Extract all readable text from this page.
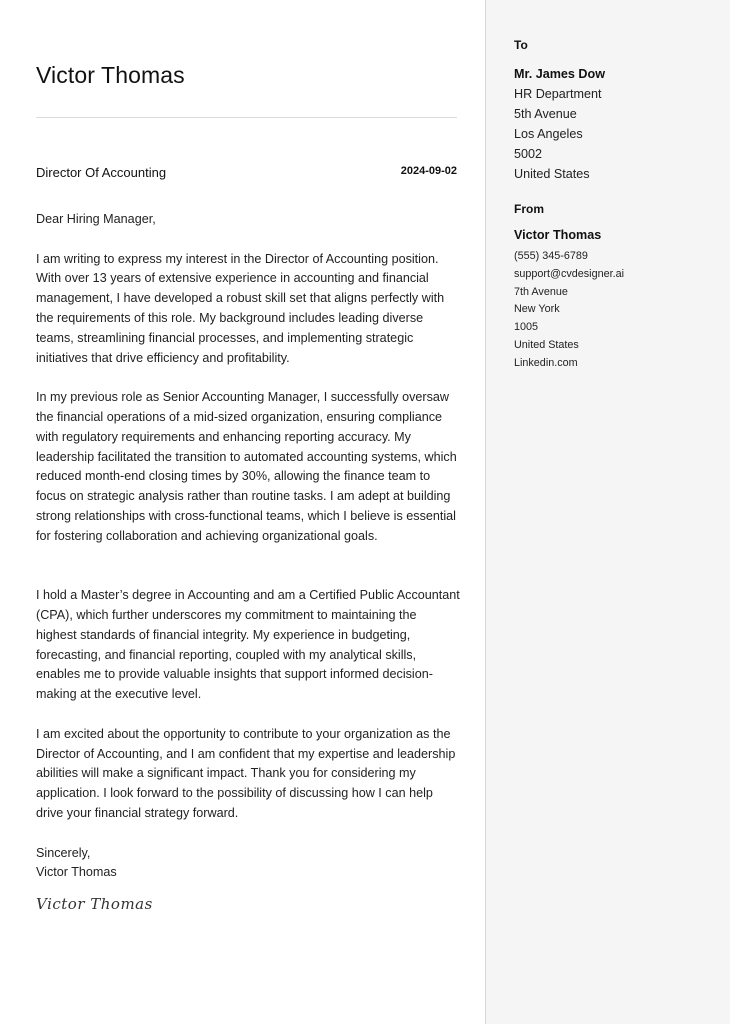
Victor Thomas
Director Of Accounting	2024-09-02

Dear Hiring Manager,

I am writing to express my interest in the Director of Accounting position. With over 13 years of extensive experience in accounting and financial management, I have developed a robust skill set that aligns perfectly with the requirements of this role. My background includes leading diverse teams, streamlining financial processes, and implementing strategic initiatives that drive efficiency and profitability.

In my previous role as Senior Accounting Manager, I successfully oversaw the financial operations of a mid-sized organization, ensuring compliance with regulatory requirements and enhancing reporting accuracy. My leadership facilitated the transition to automated accounting systems, which reduced month-end closing times by 30%, allowing the finance team to focus on strategic analysis rather than routine tasks. I am adept at building strong relationships with cross-functional teams, which I believe is essential for fostering collaboration and achieving organizational goals.

I hold a Master’s degree in Accounting and am a Certified Public Accountant (CPA), which further underscores my commitment to maintaining the highest standards of financial integrity. My experience in budgeting, forecasting, and financial reporting, coupled with my analytical skills, enables me to provide valuable insights that support informed decision-making at the executive level.

I am excited about the opportunity to contribute to your organization as the Director of Accounting, and I am confident that my expertise and leadership abilities will make a significant impact. Thank you for considering my application. I look forward to the possibility of discussing how I can help drive your financial strategy forward.

Sincerely,

Victor Thomas

Victor Thomas
To
Mr. James Dow
HR Department
5th Avenue
Los Angeles
5002
United States
From
Victor Thomas
(555) 345-6789
support@cvdesigner.ai
7th Avenue
New York
1005
United States
Linkedin.com
